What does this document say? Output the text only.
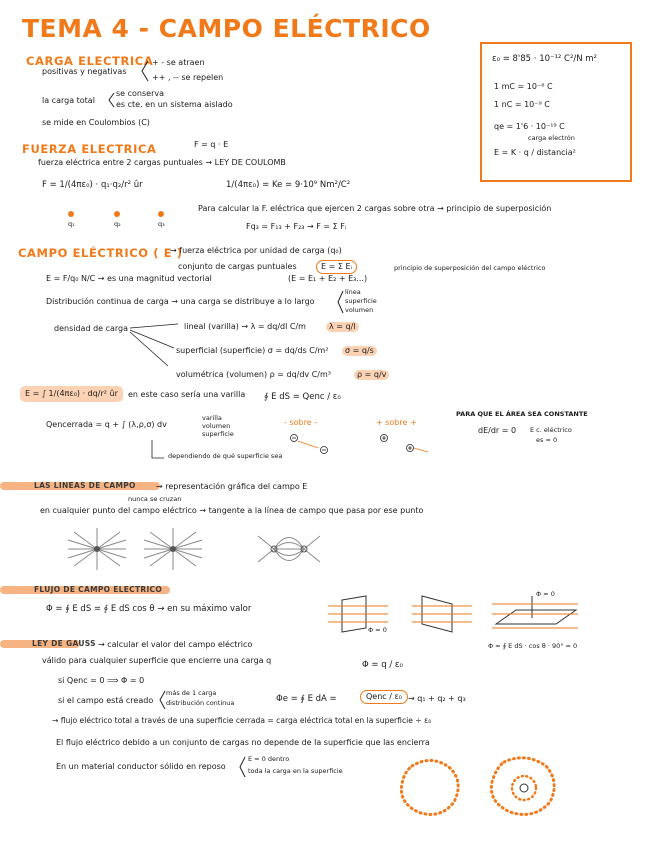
TEMA 4 - CAMPO ELÉCTRICO
ε₀ = 8'85 · 10⁻¹² C²/N m²
1 mC = 10⁻⁶ C
1 nC = 10⁻⁹ C
qe = 1'6 · 10⁻¹⁹ C
carga electrón
E = K · q / distancia²
CARGA ELECTRICA
positivas y negativas
+ - se atraen
++ , -- se repelen
la carga total
se conserva
es cte. en un sistema aislado
se mide en Coulombios (C)
FUERZA ELECTRICA	F = q · E
fuerza eléctrica entre 2 cargas puntuales → LEY DE COULOMB
F = 1/(4πε₀) · q₁·q₂/r² ûr	1/(4πε₀) = Ke = 9·10⁹ Nm²/C²
q₁	q₂	q₃
Para calcular la F. eléctrica que ejercen 2 cargas sobre otra → principio de superposición
Fq₃ = F₁₃ + F₂₃ → F = Σ Fᵢ
CAMPO ELÉCTRICO ( E )
→ fuerza eléctrica por unidad de carga (q₀)
conjunto de cargas puntuales	E = Σ Eᵢ
(E = E₁ + E₂ + E₃...)
principio de superposición del campo eléctrico
E = F/q₀ N/C → es una magnitud vectorial
Distribución continua de carga → una carga se distribuye a lo largo
línea
superficie
volumen
densidad de carga	lineal (varilla) → λ = dq/dl C/m	λ = q/l
superficial (superficie) σ = dq/ds C/m²	σ = q/s
volumétrica (volumen) ρ = dq/dv C/m³	ρ = q/v
E = ∫ 1/(4πε₀) · dq/r² ûr	en este caso sería una varilla ∮ E dS = Qenc / ε₀
Qencerrada = q + ∫ (λ,ρ,σ) dv
varilla
volumen
superficie
dependiendo de qué superficie sea
- sobre -	+ sobre +
PARA QUE EL ÁREA SEA CONSTANTE
dE/dr = 0 E c. eléctrico
es = 0
LAS LINEAS DE CAMPO	→ representación gráfica del campo E
nunca se cruzan
en cualquier punto del campo eléctrico → tangente a la línea de campo que pasa por ese punto
FLUJO DE CAMPO ELECTRICO
Φ = ∮ E dS = ∮ E dS cos θ → en su máximo valor
Φ = 0
Φ = 0
Φ = ∮ E dS · cos θ · 90° = 0
LEY DE GAUSS → calcular el valor del campo eléctrico
válido para cualquier superficie que encierre una carga q	Φ = q / ε₀
si Qenc = 0 ⟹ Φ = 0
si el campo está creado
más de 1 carga
distribución continua	Φe = ∮ E dA =	Qenc / ε₀ → q₁ + q₂ + q₃
→ flujo eléctrico total a través de una superficie cerrada = carga eléctrica total en la superficie ÷ ε₀
El flujo eléctrico debido a un conjunto de cargas no depende de la superficie que las encierra
En un material conductor sólido en reposo
E = 0 dentro
toda la carga en la superficie
